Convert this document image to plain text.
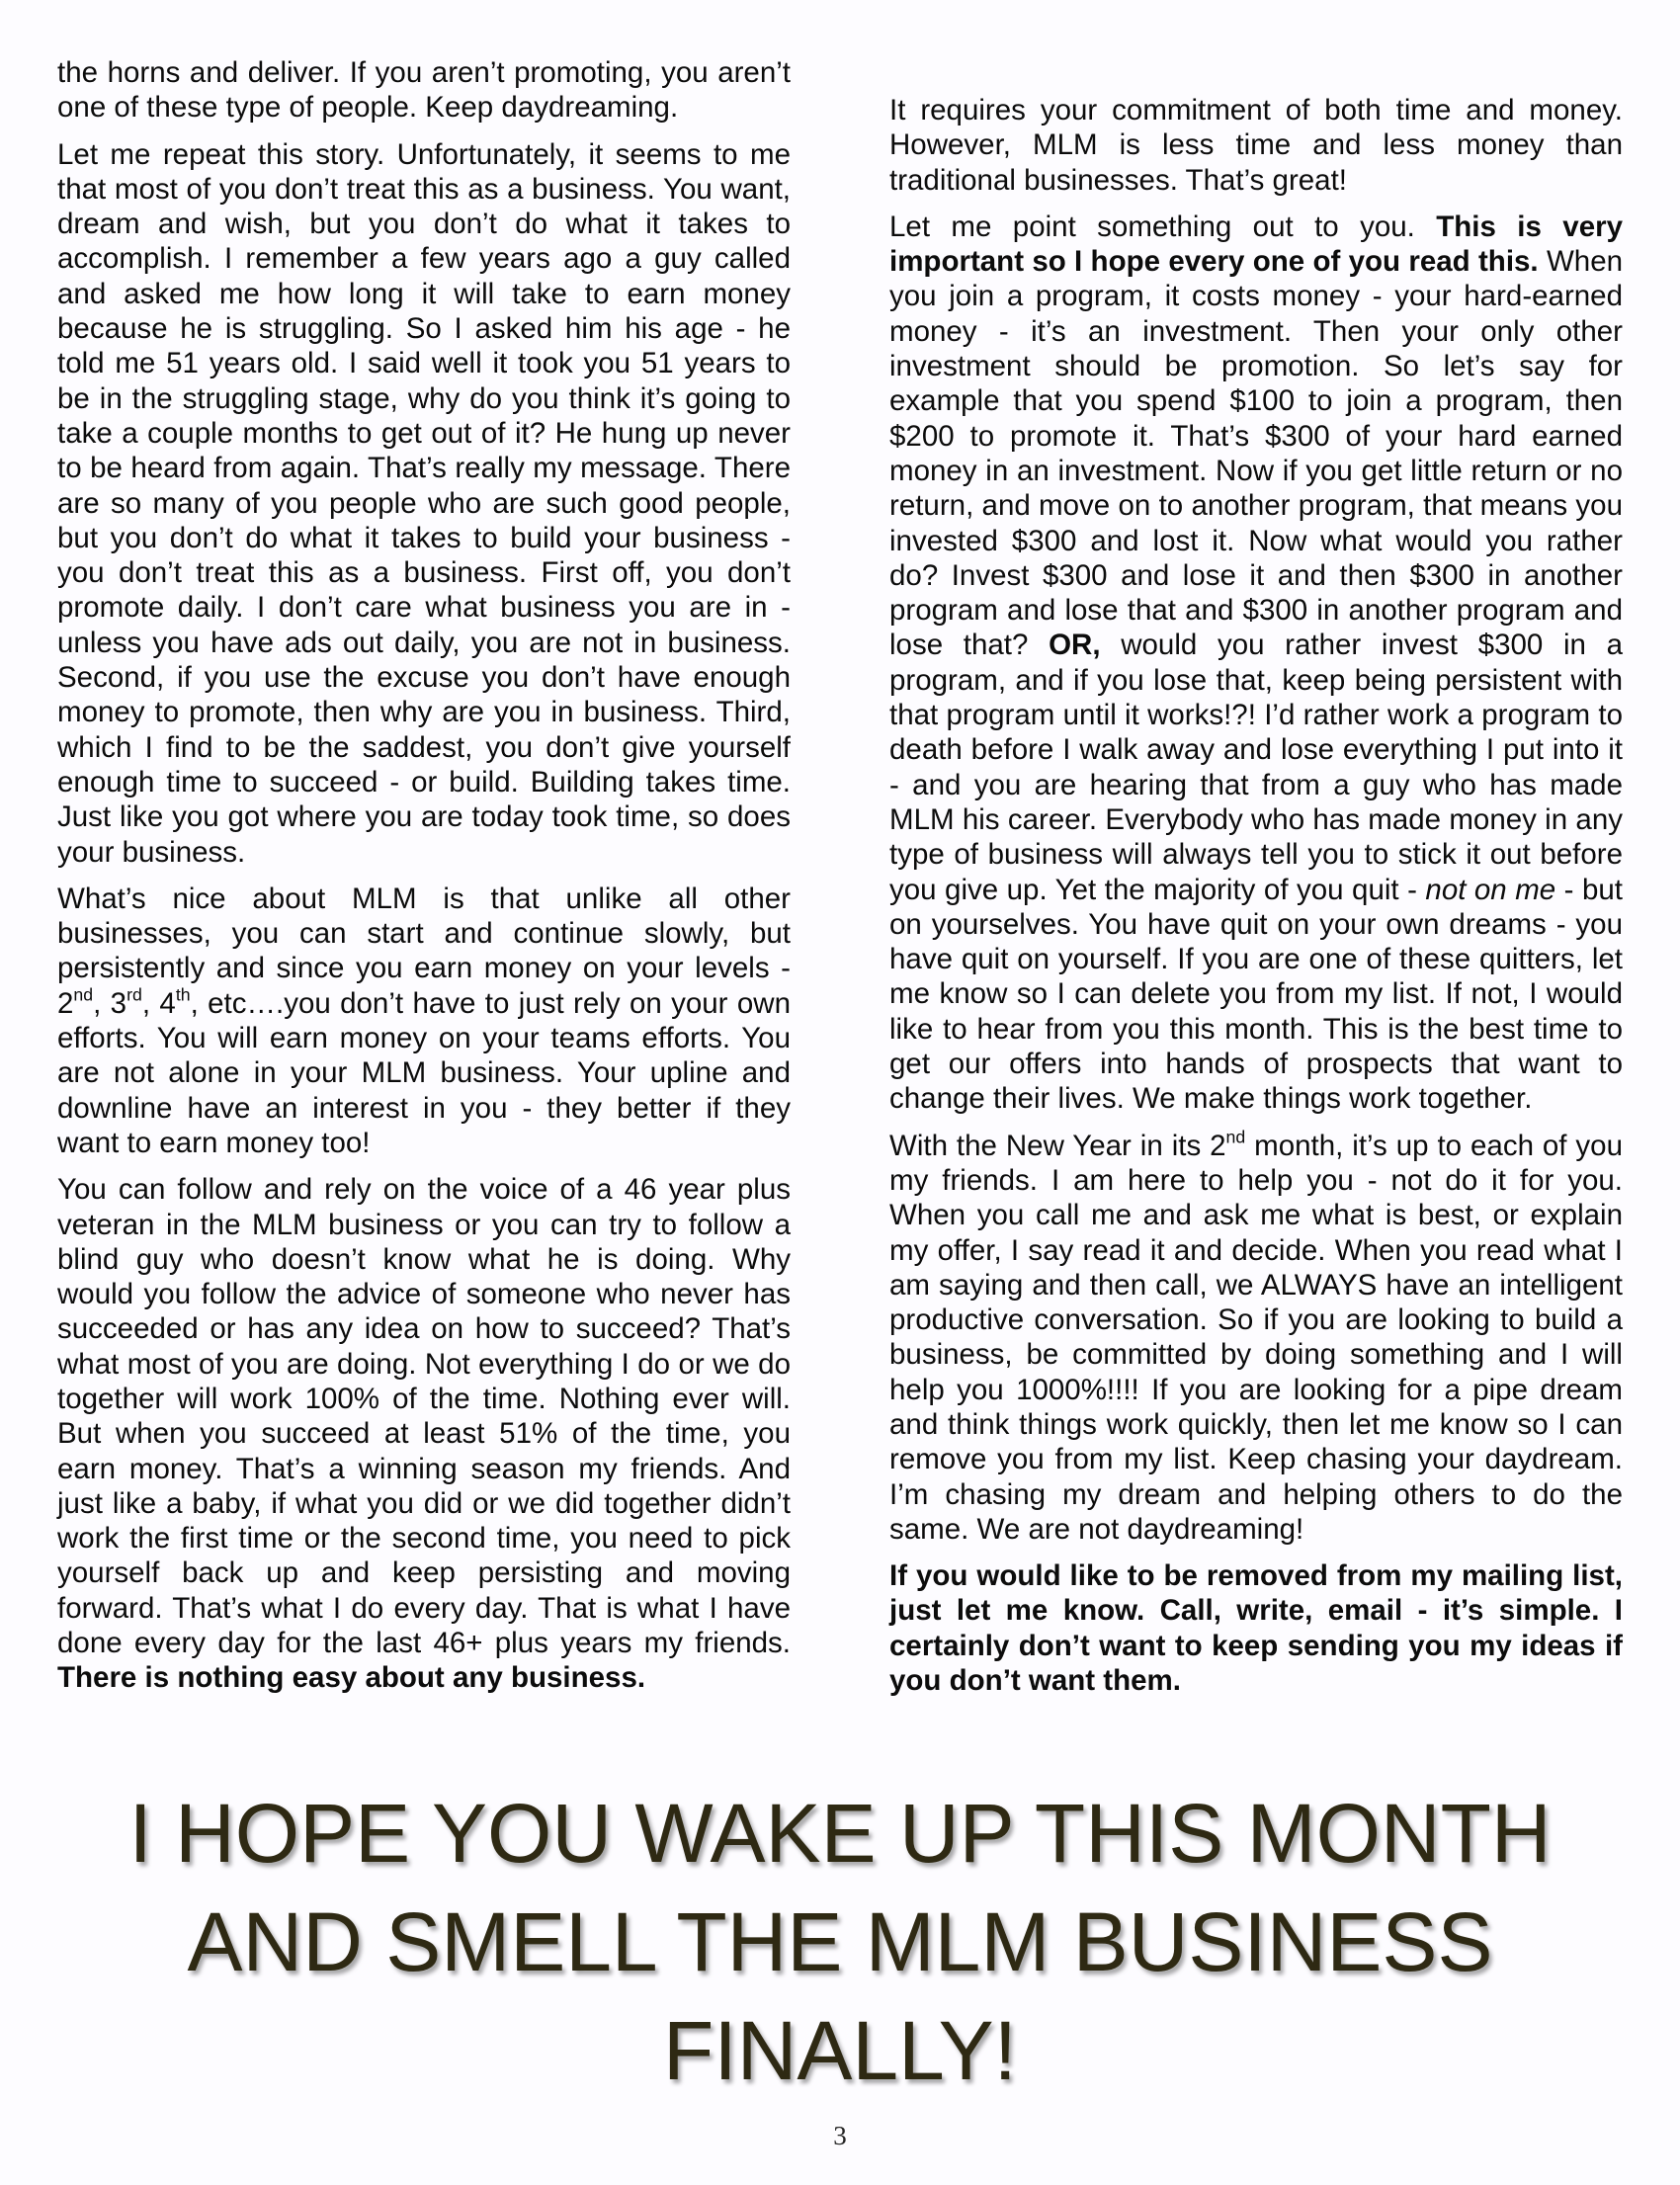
the horns and deliver. If you aren’t promoting, you aren’t one of these type of people. Keep daydreaming.

Let me repeat this story. Unfortunately, it seems to me that most of you don’t treat this as a business. You want, dream and wish, but you don’t do what it takes to accomplish. I remember a few years ago a guy called and asked me how long it will take to earn money because he is struggling. So I asked him his age - he told me 51 years old. I said well it took you 51 years to be in the struggling stage, why do you think it’s going to take a couple months to get out of it? He hung up never to be heard from again. That’s really my message. There are so many of you people who are such good people, but you don’t do what it takes to build your business - you don’t treat this as a business. First off, you don’t promote daily. I don’t care what business you are in - unless you have ads out daily, you are not in business. Second, if you use the excuse you don’t have enough money to promote, then why are you in business. Third, which I find to be the saddest, you don’t give yourself enough time to succeed - or build. Building takes time. Just like you got where you are today took time, so does your business.

What’s nice about MLM is that unlike all other businesses, you can start and continue slowly, but persistently and since you earn money on your levels - 2nd, 3rd, 4th, etc….you don’t have to just rely on your own efforts. You will earn money on your teams efforts. You are not alone in your MLM business. Your upline and downline have an interest in you - they better if they want to earn money too!

You can follow and rely on the voice of a 46 year plus veteran in the MLM business or you can try to follow a blind guy who doesn’t know what he is doing. Why would you follow the advice of someone who never has succeeded or has any idea on how to succeed? That’s what most of you are doing. Not everything I do or we do together will work 100% of the time. Nothing ever will. But when you succeed at least 51% of the time, you earn money. That’s a winning season my friends. And just like a baby, if what you did or we did together didn’t work the first time or the second time, you need to pick yourself back up and keep persisting and moving forward. That’s what I do every day. That is what I have done every day for the last 46+ plus years my friends. There is nothing easy about any business.

It requires your commitment of both time and money. However, MLM is less time and less money than traditional businesses. That’s great!

Let me point something out to you. This is very important so I hope every one of you read this. When you join a program, it costs money - your hard-earned money - it’s an investment. Then your only other investment should be promotion. So let’s say for example that you spend $100 to join a program, then $200 to promote it. That’s $300 of your hard earned money in an investment. Now if you get little return or no return, and move on to another program, that means you invested $300 and lost it. Now what would you rather do? Invest $300 and lose it and then $300 in another program and lose that and $300 in another program and lose that? OR, would you rather invest $300 in a program, and if you lose that, keep being persistent with that program until it works!?! I’d rather work a program to death before I walk away and lose everything I put into it - and you are hearing that from a guy who has made MLM his career. Everybody who has made money in any type of business will always tell you to stick it out before you give up. Yet the majority of you quit - not on me - but on yourselves. You have quit on your own dreams - you have quit on yourself. If you are one of these quitters, let me know so I can delete you from my list. If not, I would like to hear from you this month. This is the best time to get our offers into hands of prospects that want to change their lives. We make things work together.

With the New Year in its 2nd month, it’s up to each of you my friends. I am here to help you - not do it for you. When you call me and ask me what is best, or explain my offer, I say read it and decide. When you read what I am saying and then call, we ALWAYS have an intelligent productive conversation. So if you are looking to build a business, be committed by doing something and I will help you 1000%!!!! If you are looking for a pipe dream and think things work quickly, then let me know so I can remove you from my list. Keep chasing your daydream. I’m chasing my dream and helping others to do the same. We are not daydreaming!

If you would like to be removed from my mailing list, just let me know. Call, write, email - it’s simple. I certainly don’t want to keep sending you my ideas if you don’t want them.

I HOPE YOU WAKE UP THIS MONTH
AND SMELL THE MLM BUSINESS
FINALLY!
3
